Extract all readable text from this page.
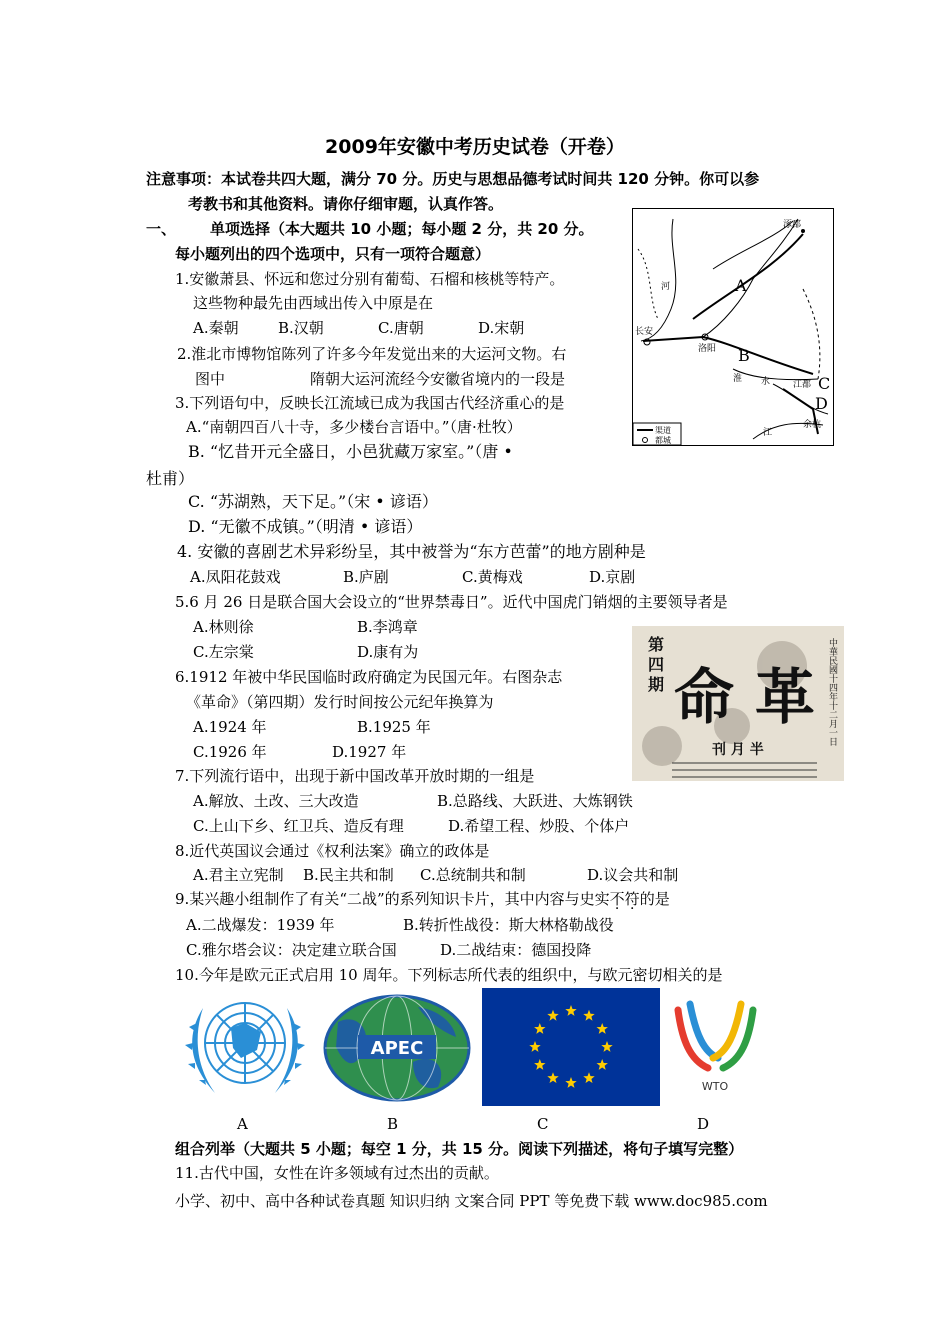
2009年安徽中考历史试卷（开卷）
注意事项：本试卷共四大题，满分 70 分。历史与思想品德考试时间共 120 分钟。你可以参
考教书和其他资料。请你仔细审题，认真作答。
一、 单项选择（本大题共 10 小题；每小题 2 分，共 20 分。
每小题列出的四个选项中，只有一项符合题意）
1.安徽萧县、怀远和您过分别有葡萄、石榴和核桃等特产。
这些物种最先由西域出传入中原是在
A.秦朝	B.汉朝	C.唐朝	D.宋朝
2.淮北市博物馆陈列了许多今年发觉出来的大运河文物。右
图中	隋朝大运河流经今安徽省境内的一段是
3.下列语句中，反映长江流域已成为我国古代经济重心的是
A.“南朝四百八十寺，多少楼台言语中。”（唐·杜牧）
B. “忆昔开元全盛日，小邑犹藏万家室。”（唐 •
杜甫）
C. “苏湖熟，天下足。”（宋 • 谚语）
D. “无徽不成镇。”（明清 • 谚语）
4. 安徽的喜剧艺术异彩纷呈，其中被誉为“东方芭蕾”的地方剧种是
A.凤阳花鼓戏	B.庐剧	C.黄梅戏	D.京剧
5.6 月 26 日是联合国大会设立的“世界禁毒日”。近代中国虎门销烟的主要领导者是
A.林则徐	B.李鸿章
C.左宗棠	D.康有为
6.1912 年被中华民国临时政府确定为民国元年。右图杂志
《革命》（第四期）发行时间按公元纪年换算为
A.1924 年	B.1925 年
C.1926 年	D.1927 年
7.下列流行语中，出现于新中国改革开放时期的一组是
A.解放、土改、三大改造	B.总路线、大跃进、大炼钢铁
C.上山下乡、红卫兵、造反有理	D.希望工程、炒股、个体户
8.近代英国议会通过《权利法案》确立的政体是
A.君主立宪制 B.民主共和制 C.总统制共和制	D.议会共和制
9.某兴趣小组制作了有关“二战”的系列知识卡片，其中内容与史实不符的是
A.二战爆发：1939 年	B.转折性战役：斯大林格勒战役
C.雅尔塔会议：决定建立联合国	D.二战结束：德国投降
10.今年是欧元正式启用 10 周年。下列标志所代表的组织中，与欧元密切相关的是
APEC
WTO
A	B	C	D
组合列举（大题共 5 小题；每空 1 分，共 15 分。阅读下列描述，将句子填写完整）
11.古代中国，女性在许多领域有过杰出的贡献。
小学、初中、高中各种试卷真题 知识归纳 文案合同 PPT 等免费下载 www.doc985.com
涿郡
A
B
C
D
长安
洛阳
淮 水	江都
余杭
河
江
渠道
都城
第
四
期 命 革
刊 月 半
中華民國十四年十二月一日
